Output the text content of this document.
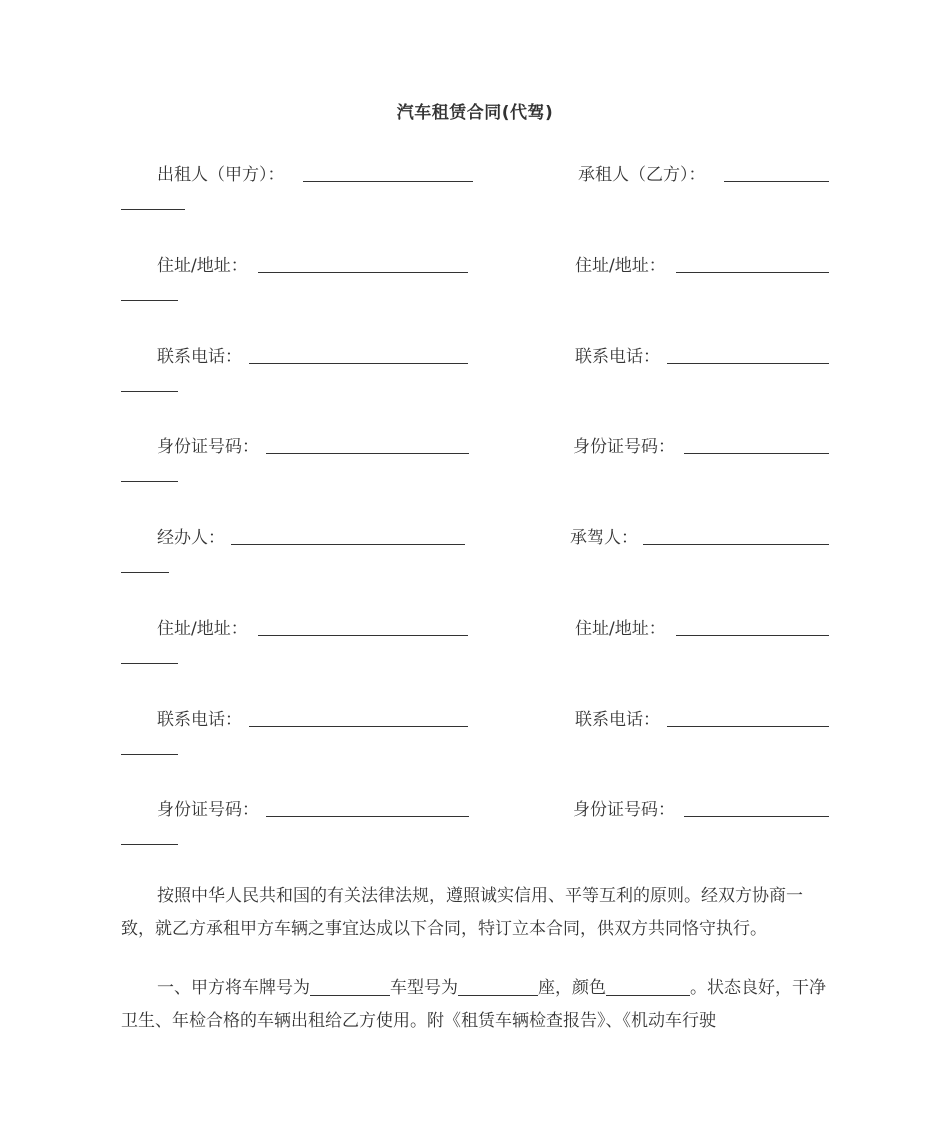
汽车租赁合同(代驾)
出租人（甲方）：	承租人（乙方）：
住址/地址：	住址/地址：
联系电话：	联系电话：
身份证号码：	身份证号码：
经办人：	承驾人：
住址/地址：	住址/地址：
联系电话：	联系电话：
身份证号码：	身份证号码：

按照中华人民共和国的有关法律法规，遵照诚实信用、平等互利的原则。经双方协商一致，就乙方承租甲方车辆之事宜达成以下合同，特订立本合同，供双方共同恪守执行。

一、甲方将车牌号为	车型号为	座，颜色	。状态良好，干净卫生、年检合格的车辆出租给乙方使用。附《租赁车辆检查报告》、《机动车行驶
